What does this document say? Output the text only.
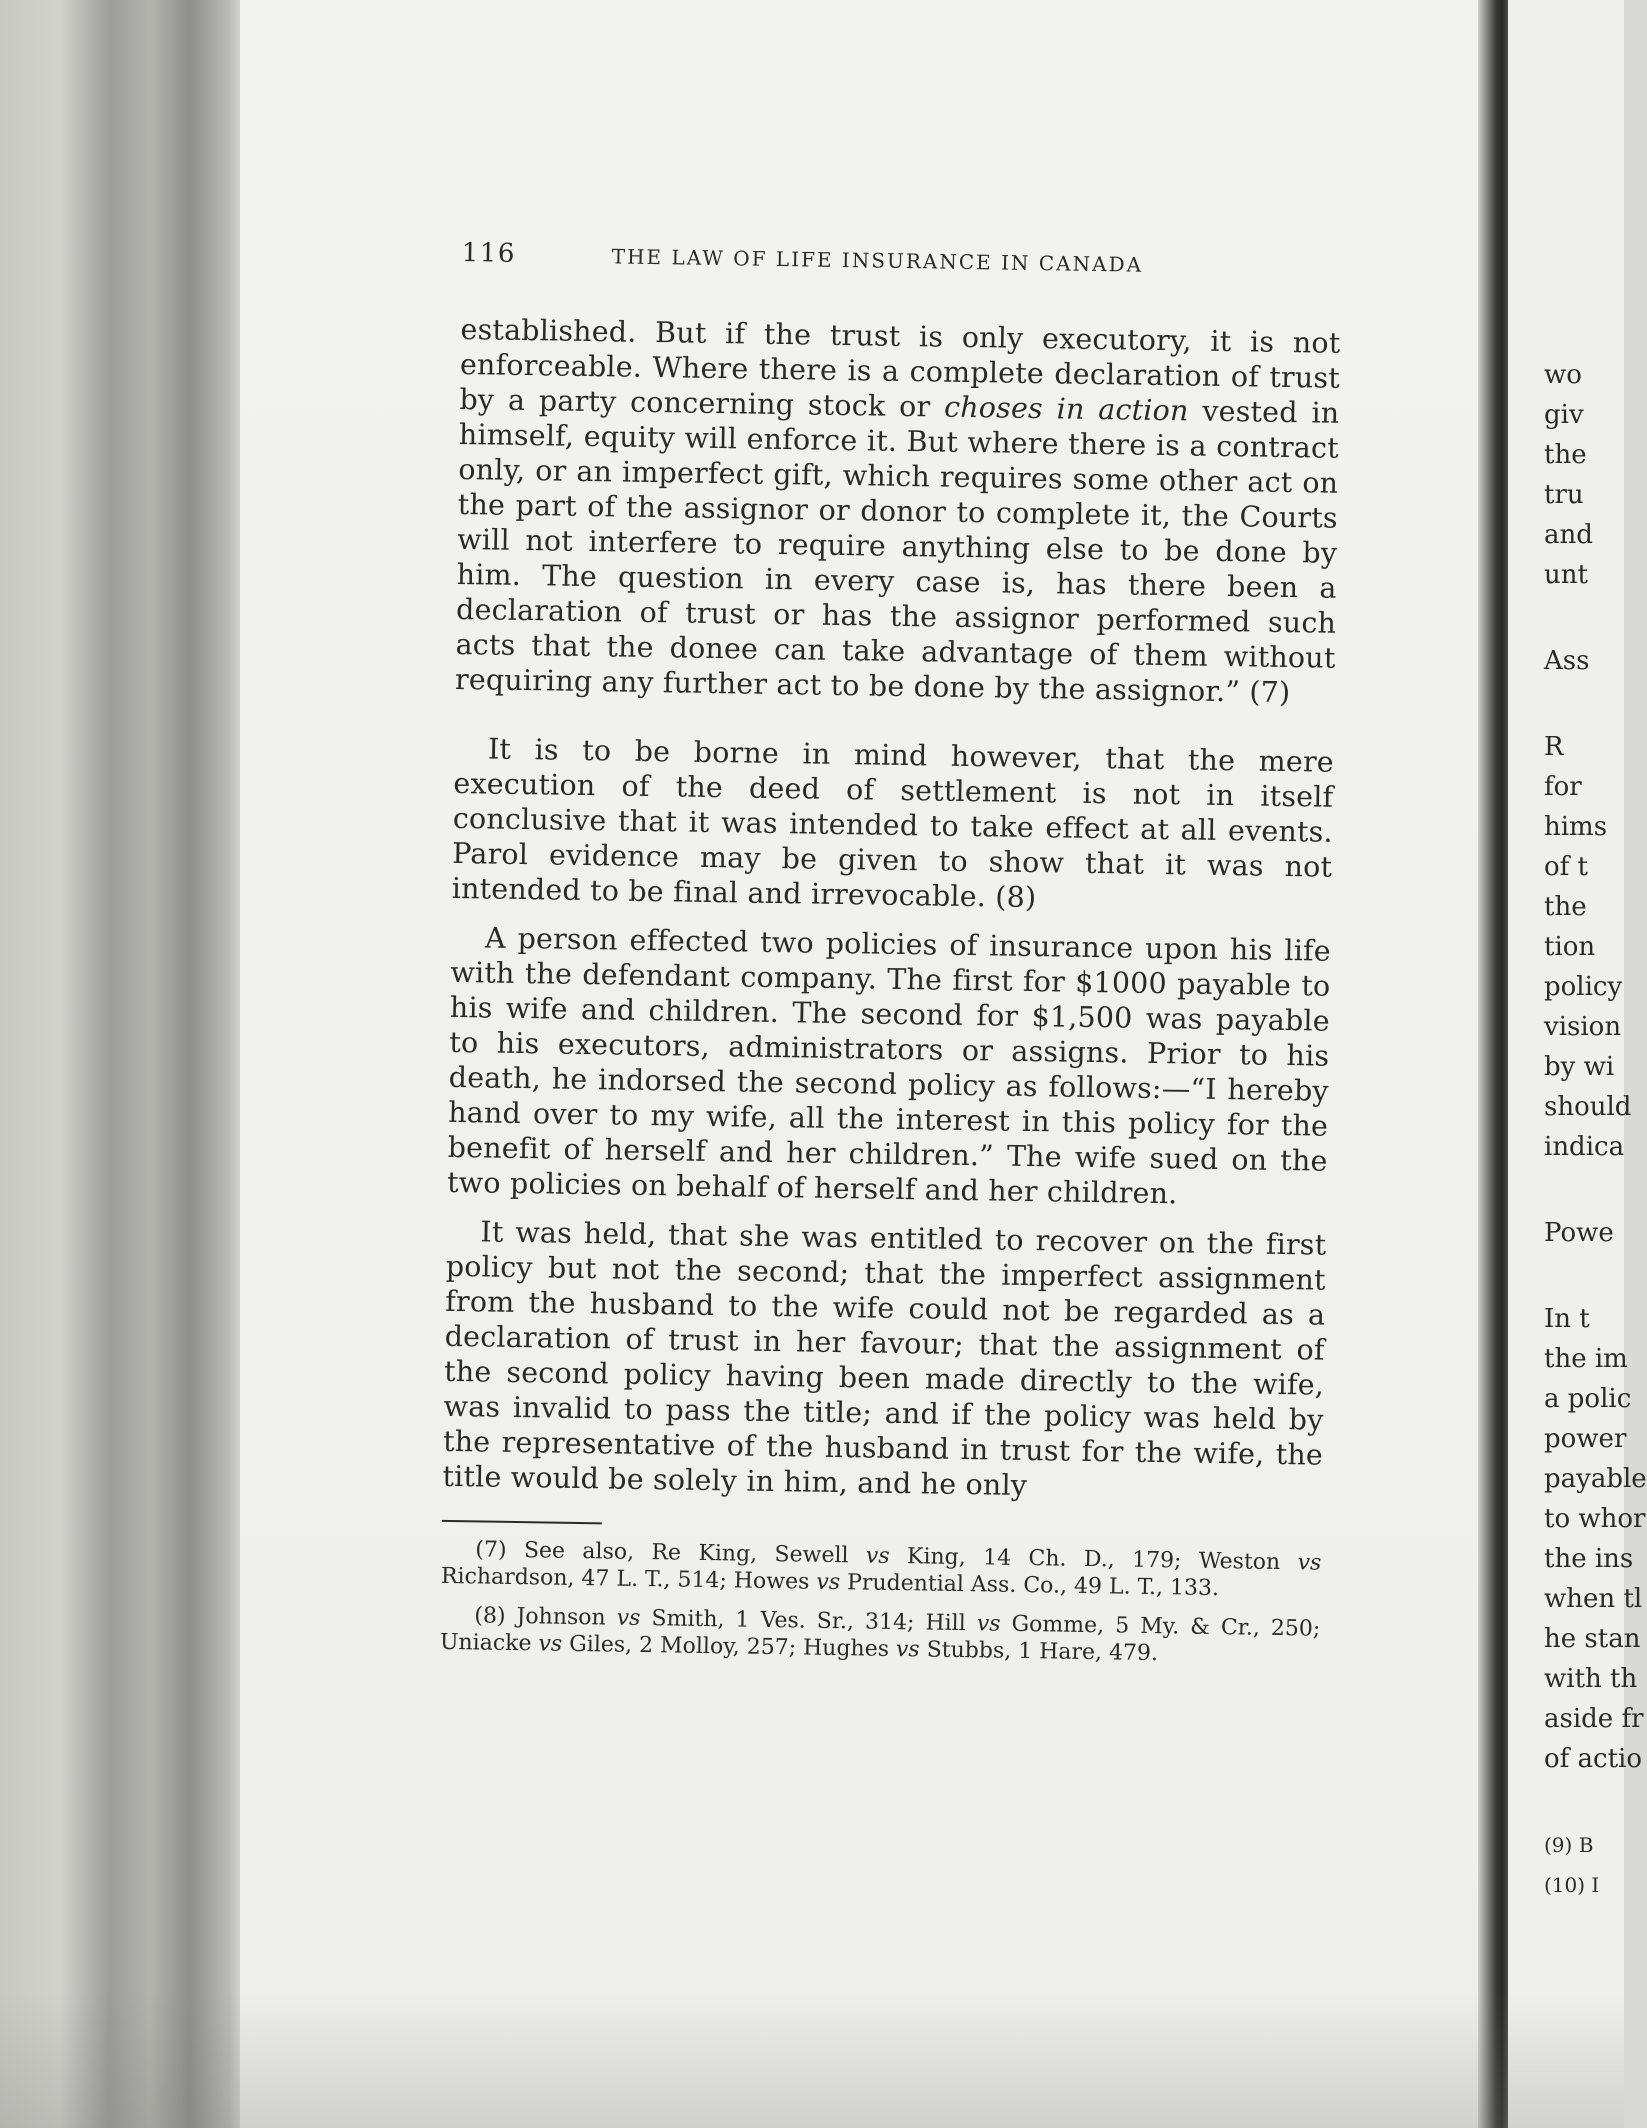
116	THE LAW OF LIFE INSURANCE IN CANADA

established. But if the trust is only executory, it is not enforceable. Where there is a complete declaration of trust by a party concerning stock or choses in action vested in himself, equity will enforce it. But where there is a contract only, or an imperfect gift, which requires some other act on the part of the assignor or donor to complete it, the Courts will not interfere to require anything else to be done by him. The question in every case is, has there been a declaration of trust or has the assignor performed such acts that the donee can take advantage of them without requiring any further act to be done by the assignor.” (7)

It is to be borne in mind however, that the mere execution of the deed of settlement is not in itself conclusive that it was intended to take effect at all events. Parol evidence may be given to show that it was not intended to be final and irrevocable. (8)

A person effected two policies of insurance upon his life with the defendant company. The first for $1000 payable to his wife and children. The second for $1,500 was payable to his executors, administrators or assigns. Prior to his death, he indorsed the second policy as follows:—“I hereby hand over to my wife, all the interest in this policy for the benefit of herself and her children.” The wife sued on the two policies on behalf of herself and her children.

It was held, that she was entitled to recover on the first policy but not the second; that the imperfect assignment from the husband to the wife could not be regarded as a declaration of trust in her favour; that the assignment of the second policy having been made directly to the wife, was invalid to pass the title; and if the policy was held by the representative of the husband in trust for the wife, the title would be solely in him, and he only

(7) See also, Re King, Sewell vs King, 14 Ch. D., 179; Weston vs Richardson, 47 L. T., 514; Howes vs Prudential Ass. Co., 49 L. T., 133.

(8) Johnson vs Smith, 1 Ves. Sr., 314; Hill vs Gomme, 5 My. & Cr., 250; Uniacke vs Giles, 2 Molloy, 257; Hughes vs Stubbs, 1 Hare, 479.

wo
giv
the
tru
and
unt
Ass
R
for
hims
of t
the
tion
policy
vision
by wi
should
indica
Powe
In t
the im
a polic
power
payable
to whor
the ins
when tl
he stan
with th
aside fr
of actio
(9) B
(10) I
